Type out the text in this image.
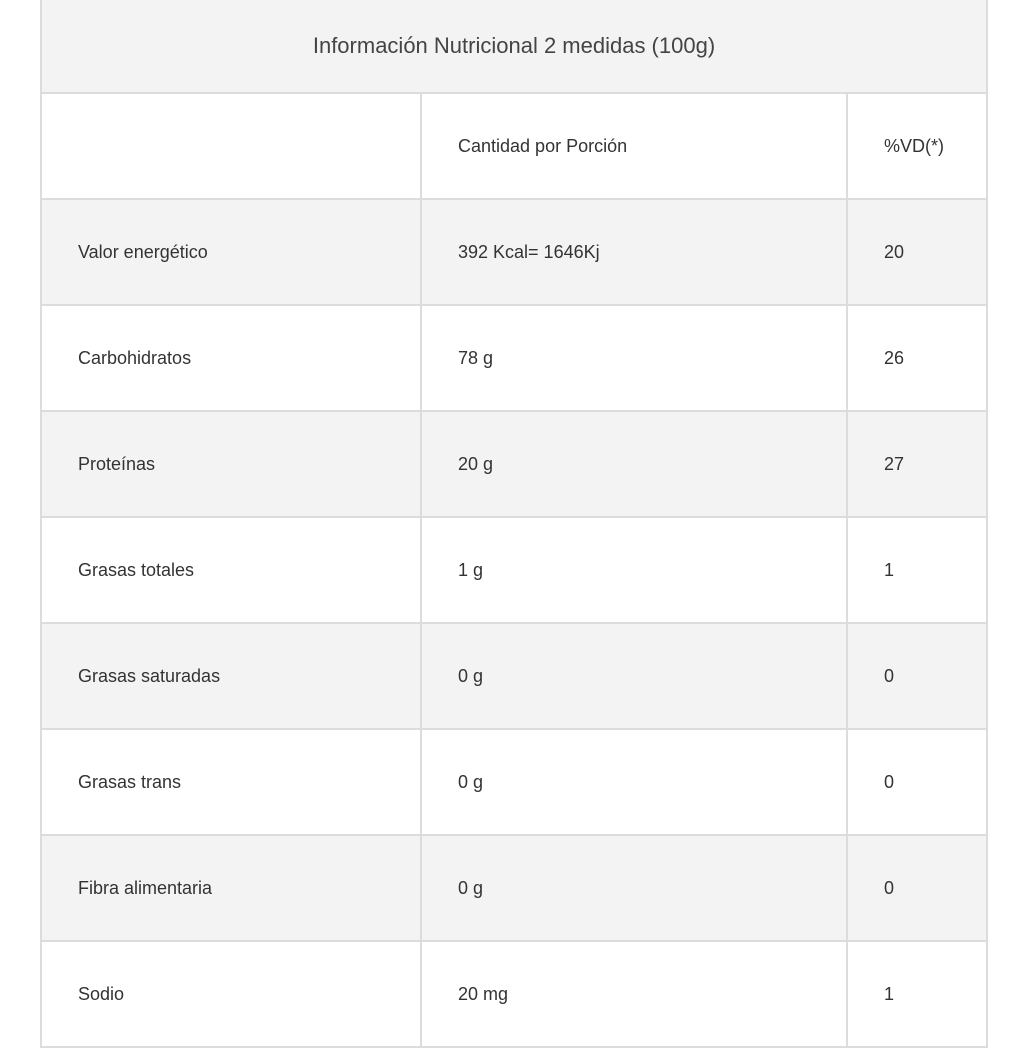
Información Nutricional 2 medidas (100g)		
	Cantidad por Porción	%VD(*)
Valor energético	392 Kcal= 1646Kj	20
Carbohidratos	78 g	26
Proteínas	20 g	27
Grasas totales	1 g	1
Grasas saturadas	0 g	0
Grasas trans	0 g	0
Fibra alimentaria	0 g	0
Sodio	20 mg	1
